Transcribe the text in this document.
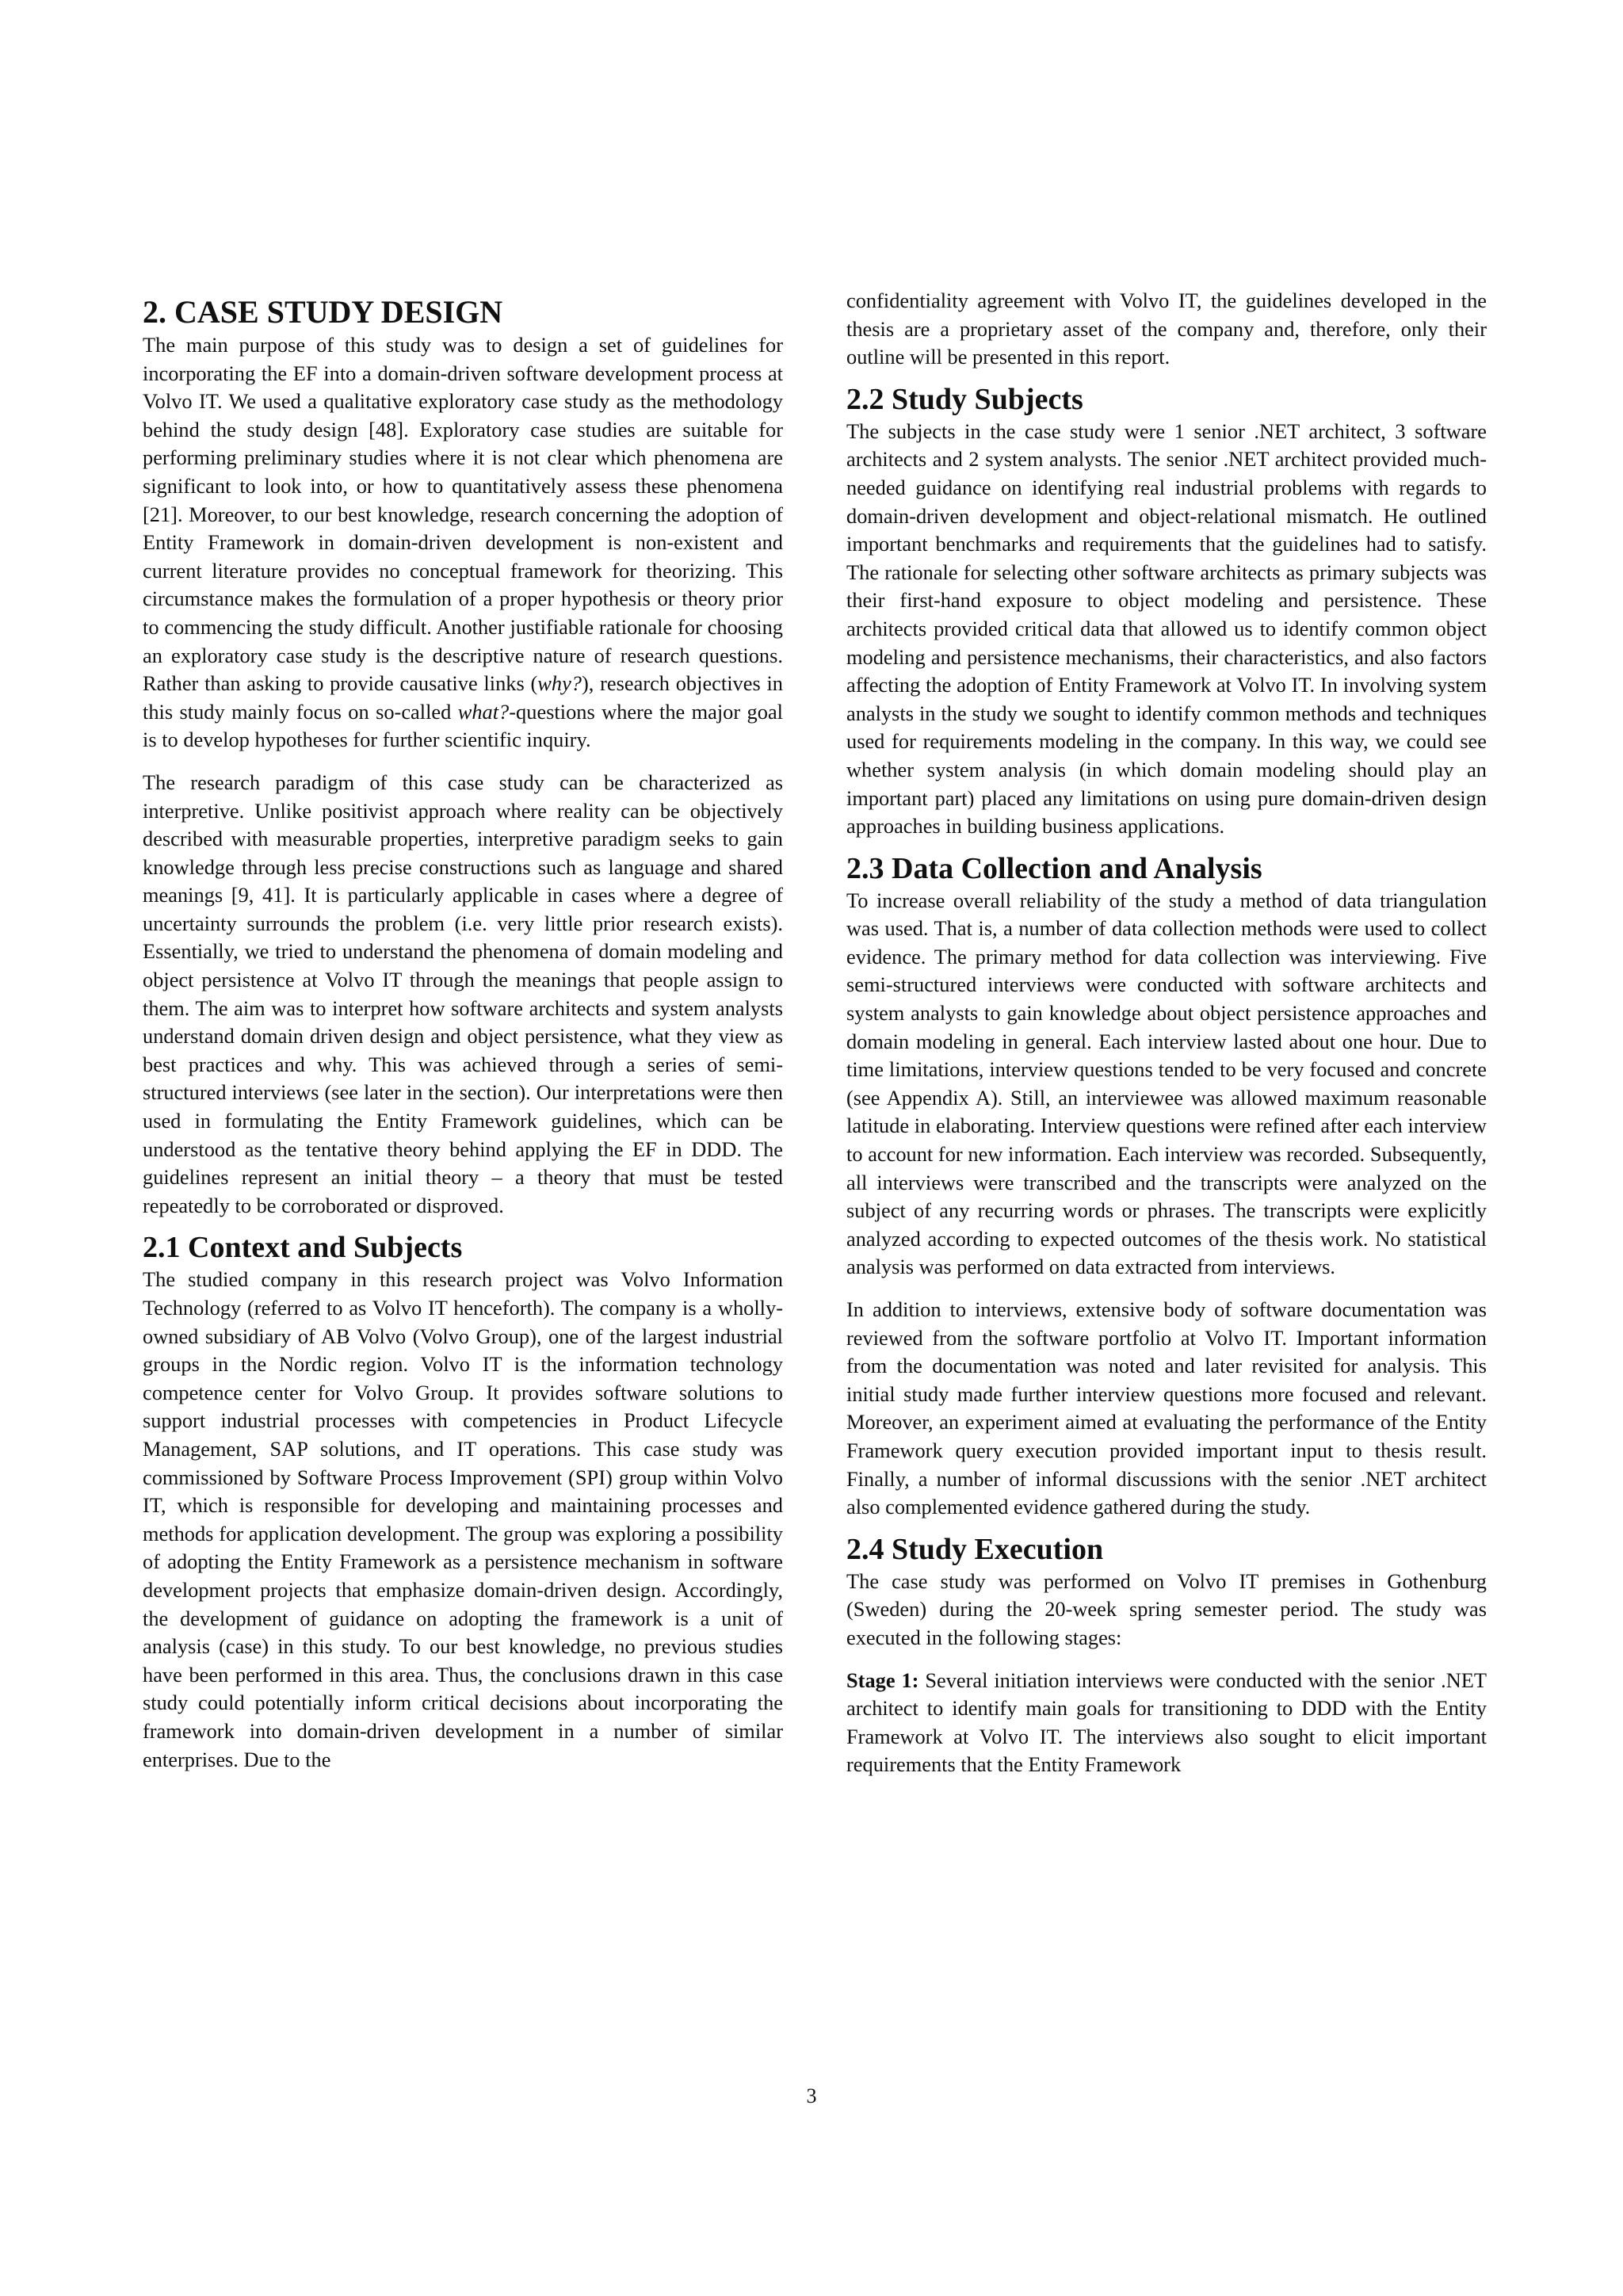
2. CASE STUDY DESIGN

The main purpose of this study was to design a set of guidelines for incorporating the EF into a domain-driven software development process at Volvo IT. We used a qualitative exploratory case study as the methodology behind the study design [48]. Exploratory case studies are suitable for performing preliminary studies where it is not clear which phenomena are significant to look into, or how to quantitatively assess these phenomena [21]. Moreover, to our best knowledge, research concerning the adoption of Entity Framework in domain-driven development is non-existent and current literature provides no conceptual framework for theorizing. This circumstance makes the formulation of a proper hypothesis or theory prior to commencing the study difficult. Another justifiable rationale for choosing an exploratory case study is the descriptive nature of research questions. Rather than asking to provide causative links (why?), research objectives in this study mainly focus on so-called what?-questions where the major goal is to develop hypotheses for further scientific inquiry.

The research paradigm of this case study can be characterized as interpretive. Unlike positivist approach where reality can be objectively described with measurable properties, interpretive paradigm seeks to gain knowledge through less precise constructions such as language and shared meanings [9, 41]. It is particularly applicable in cases where a degree of uncertainty surrounds the problem (i.e. very little prior research exists). Essentially, we tried to understand the phenomena of domain modeling and object persistence at Volvo IT through the meanings that people assign to them. The aim was to interpret how software architects and system analysts understand domain driven design and object persistence, what they view as best practices and why. This was achieved through a series of semi-structured interviews (see later in the section). Our interpretations were then used in formulating the Entity Framework guidelines, which can be understood as the tentative theory behind applying the EF in DDD. The guidelines represent an initial theory – a theory that must be tested repeatedly to be corroborated or disproved.

2.1 Context and Subjects

The studied company in this research project was Volvo Information Technology (referred to as Volvo IT henceforth). The company is a wholly-owned subsidiary of AB Volvo (Volvo Group), one of the largest industrial groups in the Nordic region. Volvo IT is the information technology competence center for Volvo Group. It provides software solutions to support industrial processes with competencies in Product Lifecycle Management, SAP solutions, and IT operations. This case study was commissioned by Software Process Improvement (SPI) group within Volvo IT, which is responsible for developing and maintaining processes and methods for application development. The group was exploring a possibility of adopting the Entity Framework as a persistence mechanism in software development projects that emphasize domain-driven design. Accordingly, the development of guidance on adopting the framework is a unit of analysis (case) in this study. To our best knowledge, no previous studies have been performed in this area. Thus, the conclusions drawn in this case study could potentially inform critical decisions about incorporating the framework into domain-driven development in a number of similar enterprises. Due to the

confidentiality agreement with Volvo IT, the guidelines developed in the thesis are a proprietary asset of the company and, therefore, only their outline will be presented in this report.

2.2 Study Subjects

The subjects in the case study were 1 senior .NET architect, 3 software architects and 2 system analysts. The senior .NET architect provided much-needed guidance on identifying real industrial problems with regards to domain-driven development and object-relational mismatch. He outlined important benchmarks and requirements that the guidelines had to satisfy. The rationale for selecting other software architects as primary subjects was their first-hand exposure to object modeling and persistence. These architects provided critical data that allowed us to identify common object modeling and persistence mechanisms, their characteristics, and also factors affecting the adoption of Entity Framework at Volvo IT. In involving system analysts in the study we sought to identify common methods and techniques used for requirements modeling in the company. In this way, we could see whether system analysis (in which domain modeling should play an important part) placed any limitations on using pure domain-driven design approaches in building business applications.

2.3 Data Collection and Analysis

To increase overall reliability of the study a method of data triangulation was used. That is, a number of data collection methods were used to collect evidence. The primary method for data collection was interviewing. Five semi-structured interviews were conducted with software architects and system analysts to gain knowledge about object persistence approaches and domain modeling in general. Each interview lasted about one hour. Due to time limitations, interview questions tended to be very focused and concrete (see Appendix A). Still, an interviewee was allowed maximum reasonable latitude in elaborating. Interview questions were refined after each interview to account for new information. Each interview was recorded. Subsequently, all interviews were transcribed and the transcripts were analyzed on the subject of any recurring words or phrases. The transcripts were explicitly analyzed according to expected outcomes of the thesis work. No statistical analysis was performed on data extracted from interviews.

In addition to interviews, extensive body of software documentation was reviewed from the software portfolio at Volvo IT. Important information from the documentation was noted and later revisited for analysis. This initial study made further interview questions more focused and relevant. Moreover, an experiment aimed at evaluating the performance of the Entity Framework query execution provided important input to thesis result. Finally, a number of informal discussions with the senior .NET architect also complemented evidence gathered during the study.

2.4 Study Execution

The case study was performed on Volvo IT premises in Gothenburg (Sweden) during the 20-week spring semester period. The study was executed in the following stages:

Stage 1: Several initiation interviews were conducted with the senior .NET architect to identify main goals for transitioning to DDD with the Entity Framework at Volvo IT. The interviews also sought to elicit important requirements that the Entity Framework

3
